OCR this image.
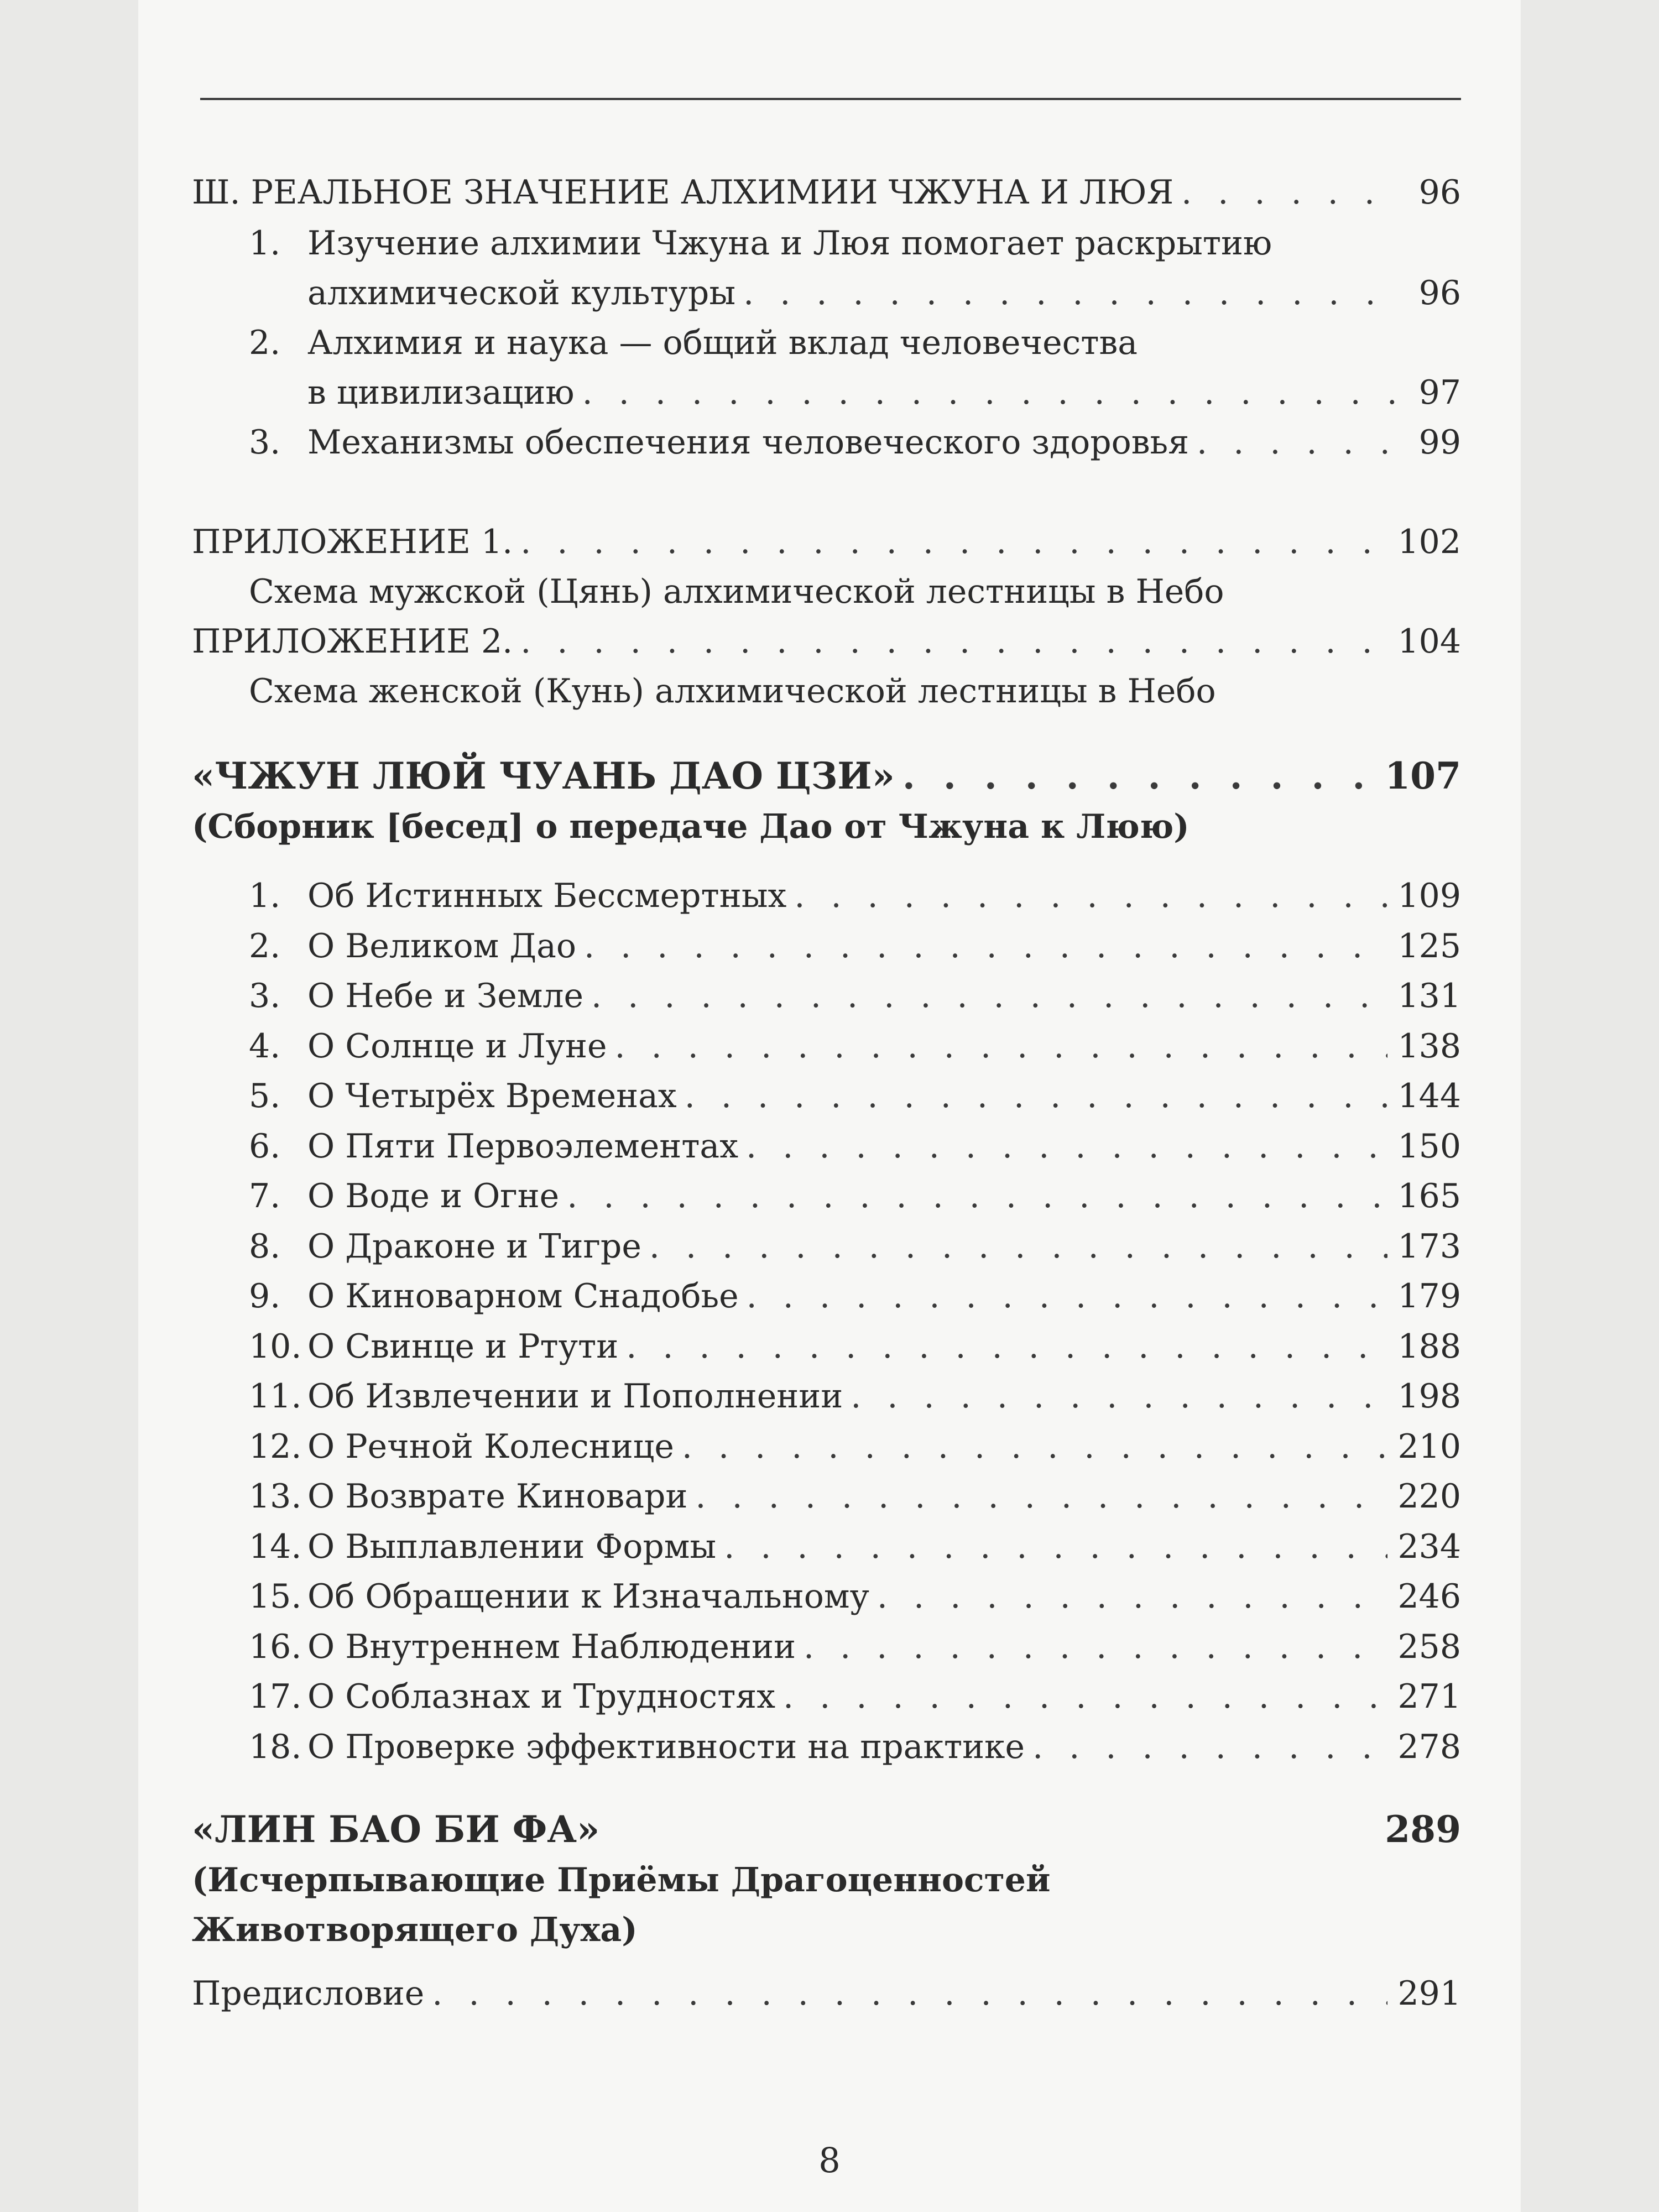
Ш. РЕАЛЬНОЕ ЗНАЧЕНИЕ АЛХИМИИ ЧЖУНА И ЛЮЯ . . .	96
1. Изучение алхимии Чжуна и Люя помогает раскрытию
алхимической культуры . . .	96
2. Алхимия и наука — общий вклад человечества
в цивилизацию . . .	97
3. Механизмы обеспечения человеческого здоровья . . .	99
ПРИЛОЖЕНИЕ 1. . . .	102
Схема мужской (Цянь) алхимической лестницы в Небо
ПРИЛОЖЕНИЕ 2. . . .	104
Схема женской (Кунь) алхимической лестницы в Небо
«ЧЖУН ЛЮЙ ЧУАНЬ ДАО ЦЗИ» . . .	107
(Сборник [бесед] о передаче Дао от Чжуна к Люю)
1. Об Истинных Бессмертных . . .	109
2. О Великом Дао . . .	125
3. О Небе и Земле . . .	131
4. О Солнце и Луне . . .	138
5. О Четырёх Временах . . .	144
6. О Пяти Первоэлементах . . .	150
7. О Воде и Огне . . .	165
8. О Драконе и Тигре . . .	173
9. О Киноварном Снадобье . . .	179
10. О Свинце и Ртути . . .	188
11. Об Извлечении и Пополнении . . .	198
12. О Речной Колеснице . . .	210
13. О Возврате Киновари . . .	220
14. О Выплавлении Формы . . .	234
15. Об Обращении к Изначальному . . .	246
16. О Внутреннем Наблюдении . . .	258
17. О Соблазнах и Трудностях . . .	271
18. О Проверке эффективности на практике . . .	278
«ЛИН БАО БИ ФА»	289
(Исчерпывающие Приёмы Драгоценностей
Животворящего Духа)
Предисловие . . .	291
8
